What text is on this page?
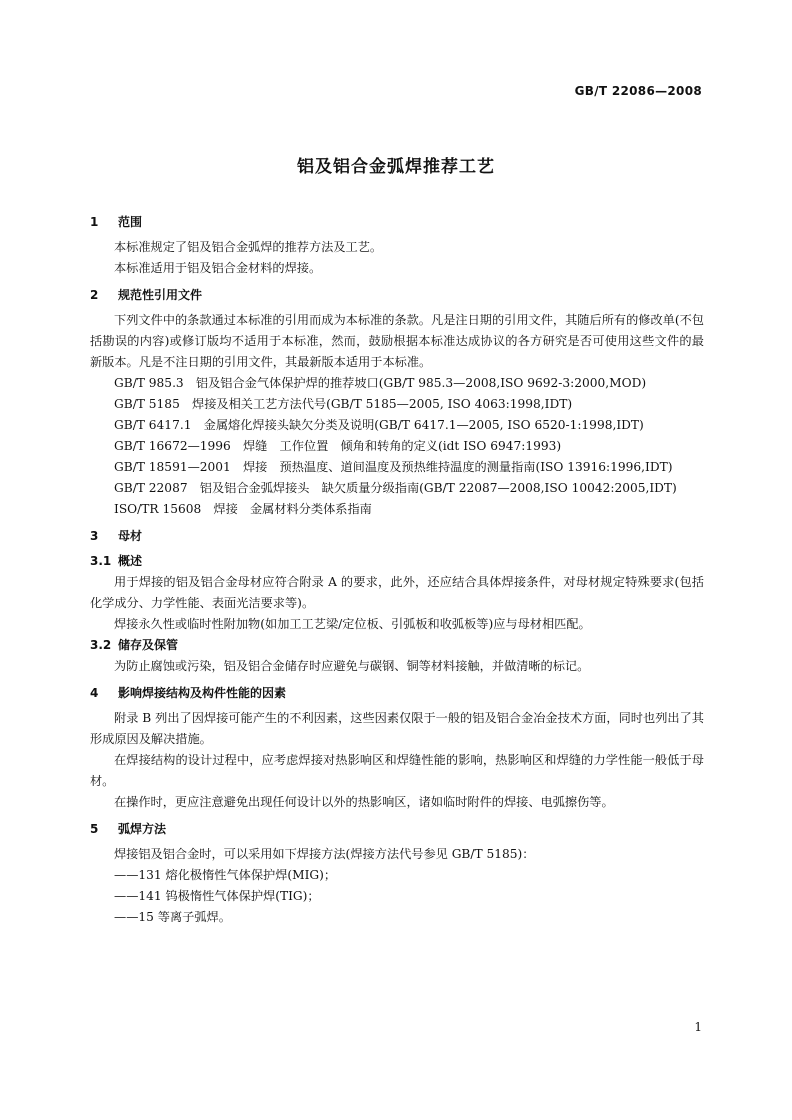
GB/T 22086—2008
铝及铝合金弧焊推荐工艺
1 范围

本标准规定了铝及铝合金弧焊的推荐方法及工艺。

本标准适用于铝及铝合金材料的焊接。

2 规范性引用文件

下列文件中的条款通过本标准的引用而成为本标准的条款。凡是注日期的引用文件，其随后所有的修改单(不包括勘误的内容)或修订版均不适用于本标准，然而，鼓励根据本标准达成协议的各方研究是否可使用这些文件的最新版本。凡是不注日期的引用文件，其最新版本适用于本标准。

GB/T 985.3　铝及铝合金气体保护焊的推荐坡口(GB/T 985.3—2008,ISO 9692-3:2000,MOD)

GB/T 5185　焊接及相关工艺方法代号(GB/T 5185—2005, ISO 4063:1998,IDT)

GB/T 6417.1　金属熔化焊接头缺欠分类及说明(GB/T 6417.1—2005, ISO 6520-1:1998,IDT)

GB/T 16672—1996　焊缝　工作位置　倾角和转角的定义(idt ISO 6947:1993)

GB/T 18591—2001　焊接　预热温度、道间温度及预热维持温度的测量指南(ISO 13916:1996,IDT)

GB/T 22087　铝及铝合金弧焊接头　缺欠质量分级指南(GB/T 22087—2008,ISO 10042:2005,IDT)

ISO/TR 15608　焊接　金属材料分类体系指南

3 母材
3.1 概述

用于焊接的铝及铝合金母材应符合附录 A 的要求，此外，还应结合具体焊接条件，对母材规定特殊要求(包括化学成分、力学性能、表面光洁要求等)。

焊接永久性或临时性附加物(如加工工艺梁/定位板、引弧板和收弧板等)应与母材相匹配。

3.2 储存及保管

为防止腐蚀或污染，铝及铝合金储存时应避免与碳钢、铜等材料接触，并做清晰的标记。

4 影响焊接结构及构件性能的因素

附录 B 列出了因焊接可能产生的不利因素，这些因素仅限于一般的铝及铝合金冶金技术方面，同时也列出了其形成原因及解决措施。

在焊接结构的设计过程中，应考虑焊接对热影响区和焊缝性能的影响，热影响区和焊缝的力学性能一般低于母材。

在操作时，更应注意避免出现任何设计以外的热影响区，诸如临时附件的焊接、电弧擦伤等。

5 弧焊方法

焊接铝及铝合金时，可以采用如下焊接方法(焊接方法代号参见 GB/T 5185)：

——131 熔化极惰性气体保护焊(MIG)；

——141 钨极惰性气体保护焊(TIG)；

——15 等离子弧焊。

1
